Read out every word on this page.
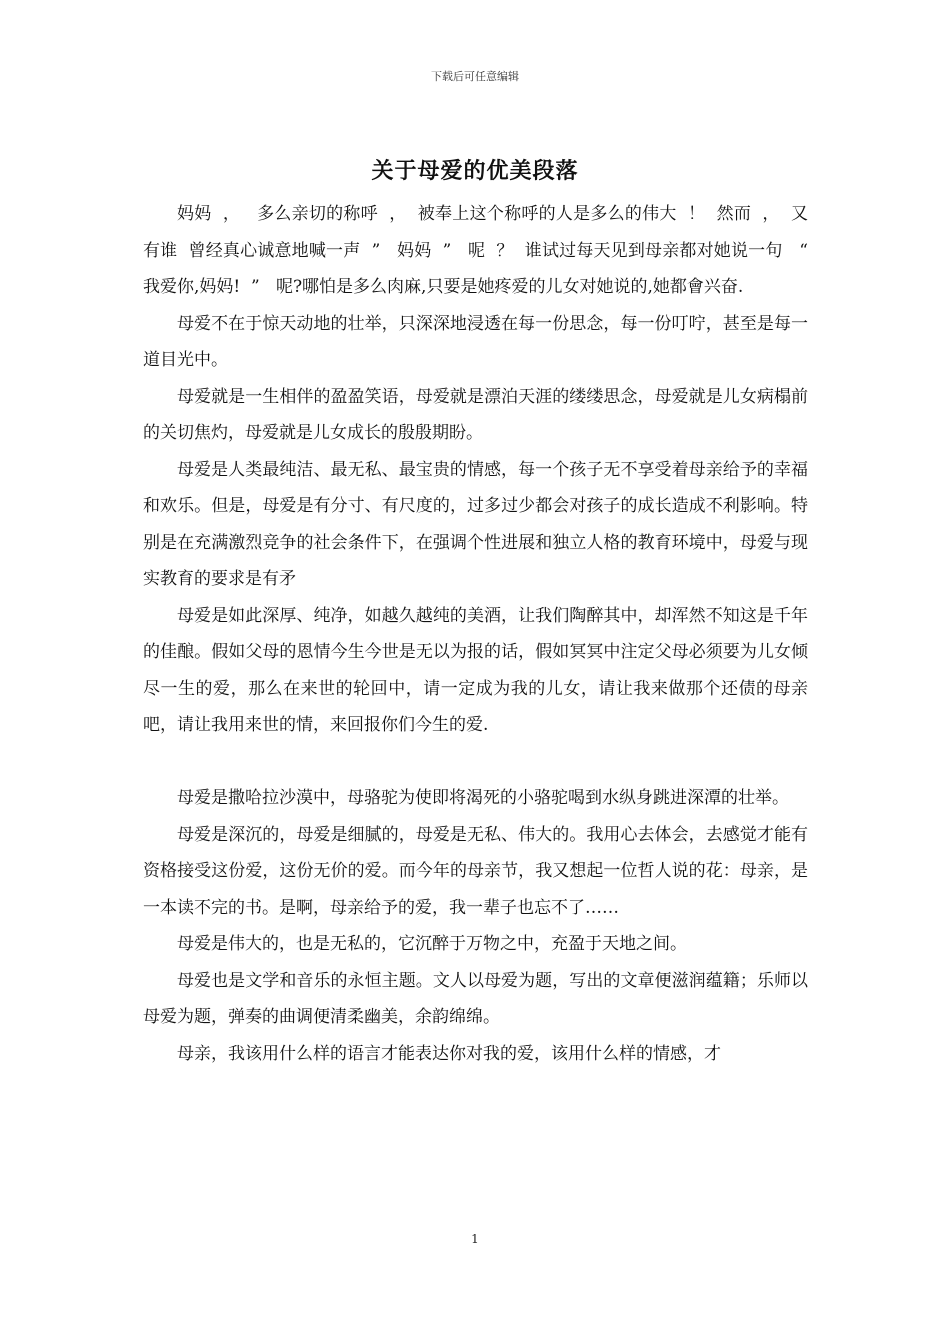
下载后可任意编辑
关于母爱的优美段落

妈妈  ，   多么亲切的称呼  ，  被奉上这个称呼的人是多么的伟大  ！  然而  ，  又有谁  曾经真心诚意地喊一声  ”   妈妈  ”   呢  ？  谁试过每天见到母亲都对她说一句   “  我爱你,妈妈!  ”   呢?哪怕是多么肉麻,只要是她疼爱的儿女对她说的,她都會兴奋.

母爱不在于惊天动地的壮举，只深深地浸透在每一份思念，每一份叮咛，甚至是每一道目光中。

母爱就是一生相伴的盈盈笑语，母爱就是漂泊天涯的缕缕思念，母爱就是儿女病榻前的关切焦灼，母爱就是儿女成长的殷殷期盼。

母爱是人类最纯洁、最无私、最宝贵的情感，每一个孩子无不享受着母亲给予的幸福和欢乐。但是，母爱是有分寸、有尺度的，过多过少都会对孩子的成长造成不利影响。特别是在充满激烈竞争的社会条件下，在强调个性进展和独立人格的教育环境中，母爱与现实教育的要求是有矛

母爱是如此深厚、纯净，如越久越纯的美酒，让我们陶醉其中，却浑然不知这是千年的佳酿。假如父母的恩情今生今世是无以为报的话，假如冥冥中注定父母必须要为儿女倾尽一生的爱，那么在来世的轮回中，请一定成为我的儿女，请让我来做那个还债的母亲吧，请让我用来世的情，来回报你们今生的爱.

母爱是撒哈拉沙漠中，母骆驼为使即将渴死的小骆驼喝到水纵身跳进深潭的壮举。

母爱是深沉的，母爱是细腻的，母爱是无私、伟大的。我用心去体会，去感觉才能有资格接受这份爱，这份无价的爱。而今年的母亲节，我又想起一位哲人说的花：母亲，是一本读不完的书。是啊，母亲给予的爱，我一辈子也忘不了……

母爱是伟大的，也是无私的，它沉醉于万物之中，充盈于天地之间。

母爱也是文学和音乐的永恒主题。文人以母爱为题，写出的文章便滋润蕴籍；乐师以母爱为题，弹奏的曲调便清柔幽美，余韵绵绵。

母亲，我该用什么样的语言才能表达你对我的爱，该用什么样的情感，才

1
